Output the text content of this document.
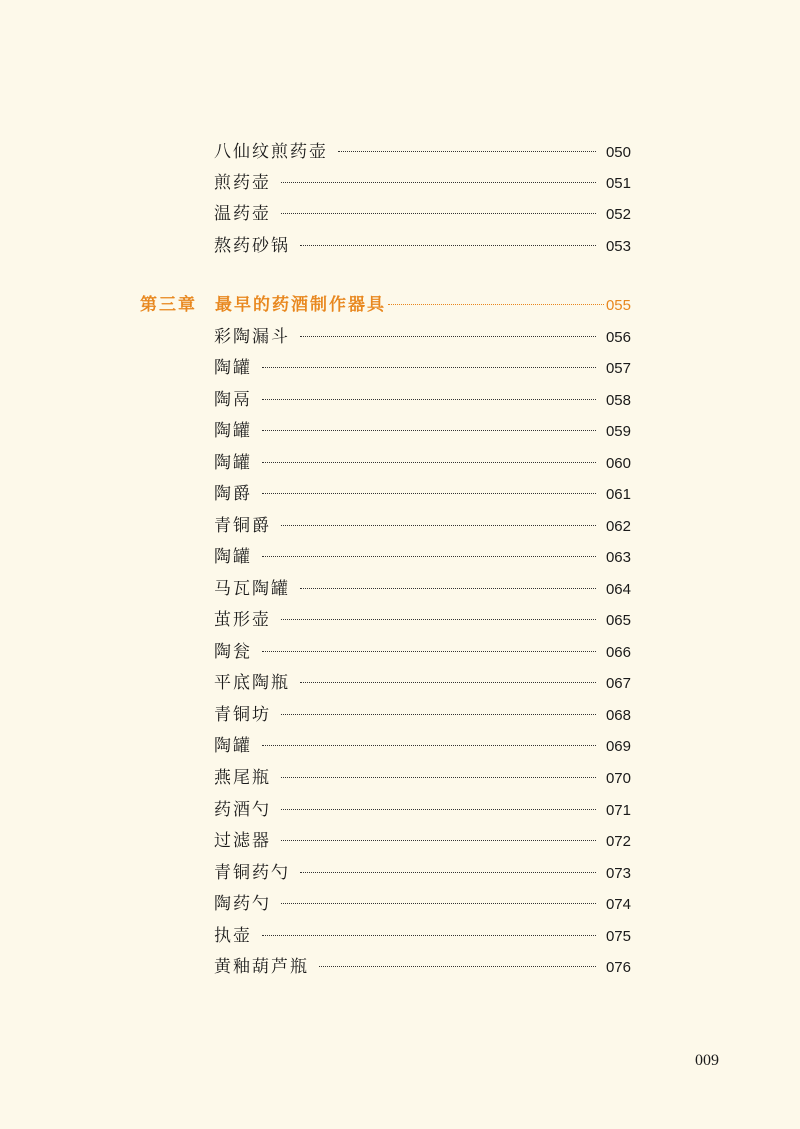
八仙纹煎药壶	050
煎药壶	051
温药壶	052
熬药砂锅	053
第三章 最早的药酒制作器具	055
彩陶漏斗	056
陶罐	057
陶鬲	058
陶罐	059
陶罐	060
陶爵	061
青铜爵	062
陶罐	063
马瓦陶罐	064
茧形壶	065
陶瓮	066
平底陶瓶	067
青铜坊	068
陶罐	069
燕尾瓶	070
药酒勺	071
过滤器	072
青铜药勺	073
陶药勺	074
执壶	075
黄釉葫芦瓶	076
009
